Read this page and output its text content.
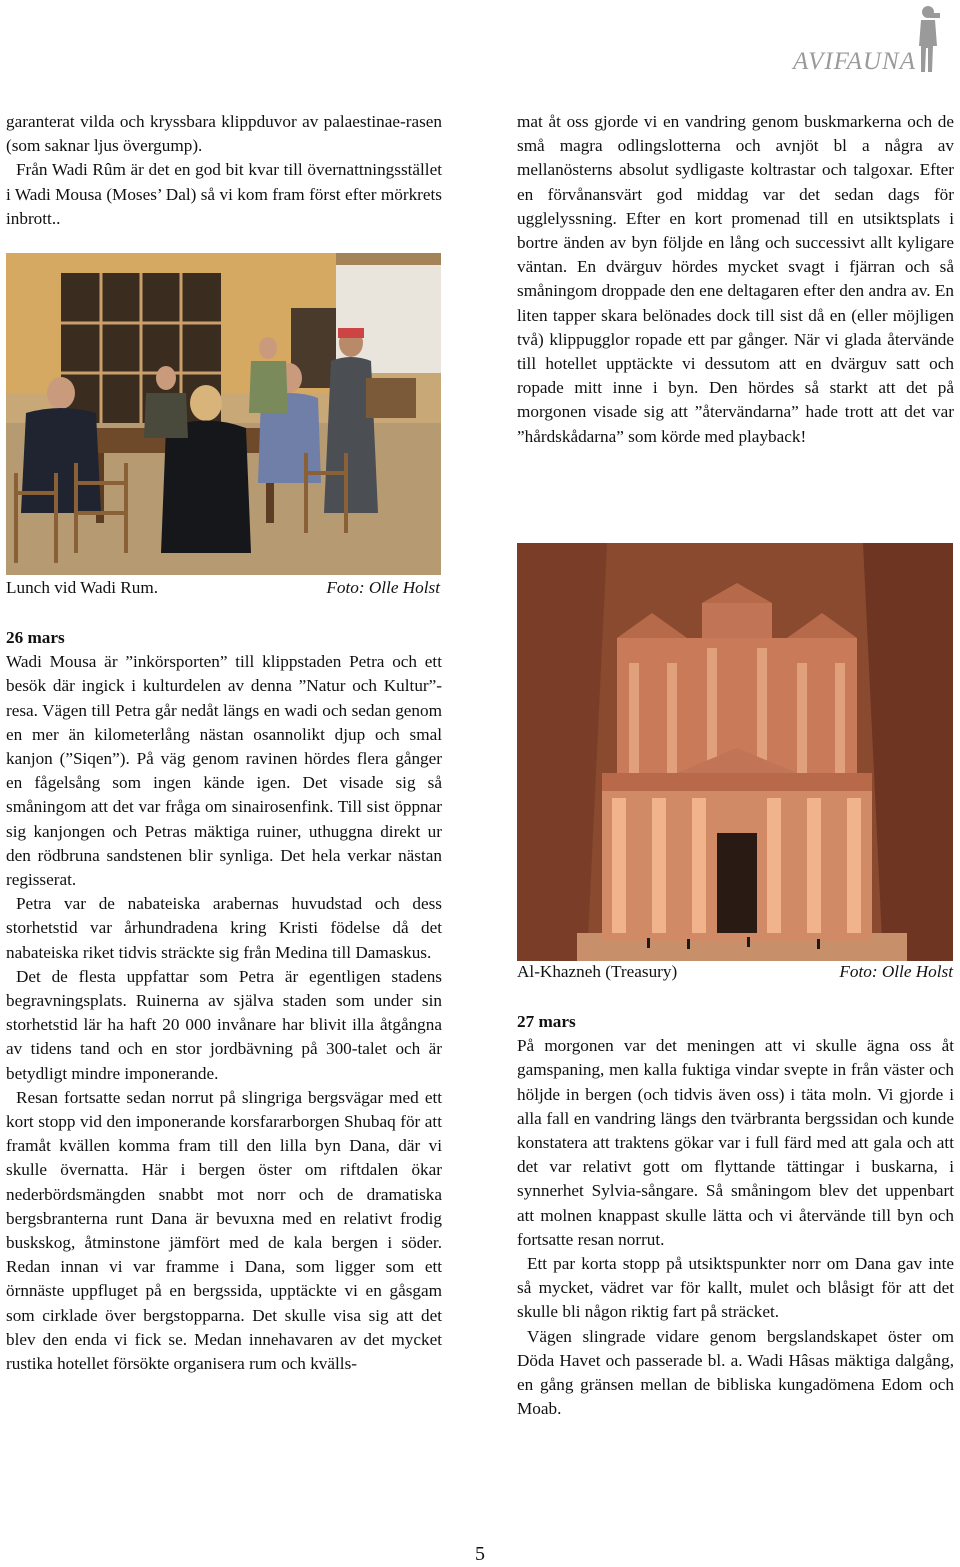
AVIFAUNA

garanterat vilda och kryssbara klippduvor av palaestinae-rasen (som saknar ljus övergump).

Från Wadi Rûm är det en god bit kvar till övernattningsstället i Wadi Mousa (Moses’ Dal) så vi kom fram först efter mörkrets inbrott..

Lunch vid Wadi Rum.	Foto: Olle Holst

26 mars

Wadi Mousa är ”inkörsporten” till klippstaden Petra och ett besök där ingick i kulturdelen av denna ”Natur och Kultur”-resa. Vägen till Petra går nedåt längs en wadi och sedan genom en mer än kilometerlång nästan osannolikt djup och smal kanjon (”Siqen”). På väg genom ravinen hördes flera gånger en fågelsång som ingen kände igen. Det visade sig så småningom att det var fråga om sinairosenfink. Till sist öppnar sig kanjongen och Petras mäktiga ruiner, uthuggna direkt ur den rödbruna sandstenen blir synliga. Det hela verkar nästan regisserat.

Petra var de nabateiska arabernas huvudstad och dess storhetstid var århundradena kring Kristi födelse då det nabateiska riket tidvis sträckte sig från Medina till Damaskus.

Det de flesta uppfattar som Petra är egentligen stadens begravningsplats. Ruinerna av själva staden som under sin storhetstid lär ha haft 20 000 invånare har blivit illa åtgångna av tidens tand och en stor jordbävning på 300-talet och är betydligt mindre imponerande.

Resan fortsatte sedan norrut på slingriga bergsvägar med ett kort stopp vid den imponerande korsfararborgen Shubaq för att framåt kvällen komma fram till den lilla byn Dana, där vi skulle övernatta. Här i bergen öster om riftdalen ökar nederbördsmängden snabbt mot norr och de dramatiska bergsbranterna runt Dana är bevuxna med en relativt frodig buskskog, åtminstone jämfört med de kala bergen i söder. Redan innan vi var framme i Dana, som ligger som ett örnnäste uppfluget på en bergssida, upptäckte vi en gåsgam som cirklade över bergstopparna. Det skulle visa sig att det blev den enda vi fick se. Medan innehavaren av det mycket rustika hotellet försökte organisera rum och kvälls-

mat åt oss gjorde vi en vandring genom buskmarkerna och de små magra odlingslotterna och avnjöt bl a några av mellanösterns absolut sydligaste koltrastar och talgoxar. Efter en förvånansvärt god middag var det sedan dags för ugglelyssning. Efter en kort promenad till en utsiktsplats i bortre änden av byn följde en lång och successivt allt kyligare väntan. En dvärguv hördes mycket svagt i fjärran och så småningom droppade den ene deltagaren efter den andra av. En liten tapper skara belönades dock till sist då en (eller möjligen två) klippugglor ropade ett par gånger. När vi glada återvände till hotellet upptäckte vi dessutom att en dvärguv satt och ropade mitt inne i byn. Den hördes så starkt att det på morgonen visade sig att ”återvändarna” hade trott att det var ”hårdskådarna” som körde med playback!

Al-Khazneh (Treasury)	Foto: Olle Holst

27 mars

På morgonen var det meningen att vi skulle ägna oss åt gamspaning, men kalla fuktiga vindar svepte in från väster och höljde in bergen (och tidvis även oss) i täta moln. Vi gjorde i alla fall en vandring längs den tvärbranta bergssidan och kunde konstatera att traktens gökar var i full färd med att gala och att det var relativt gott om flyttande tättingar i buskarna, i synnerhet Sylvia-sångare. Så småningom blev det uppenbart att molnen knappast skulle lätta och vi återvände till byn och fortsatte resan norrut.

Ett par korta stopp på utsiktspunkter norr om Dana gav inte så mycket, vädret var för kallt, mulet och blåsigt för att det skulle bli någon riktig fart på sträcket.

Vägen slingrade vidare genom bergslandskapet öster om Döda Havet och passerade bl. a. Wadi Hâsas mäktiga dalgång, en gång gränsen mellan de bibliska kungadömena Edom och Moab.

5
